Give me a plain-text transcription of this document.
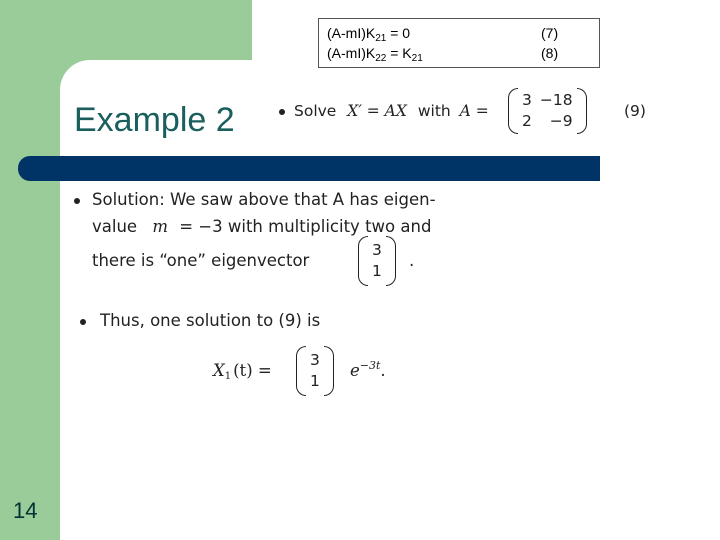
Example 2
14
$(A-mI)K_{21} = 0$	(7)
$(A-mI)K_{22} = K_{21}$	(8)
Solve X′ = AX with A =
3 −18
2	−9
(9)
Solution: We saw above that A has eigen-
value m = −3 with multiplicity two and
there is “one” eigenvector
3
1
.
Thus, one solution to (9) is
$X_1$ (t) =
3
1
$e^{-3t}$.
